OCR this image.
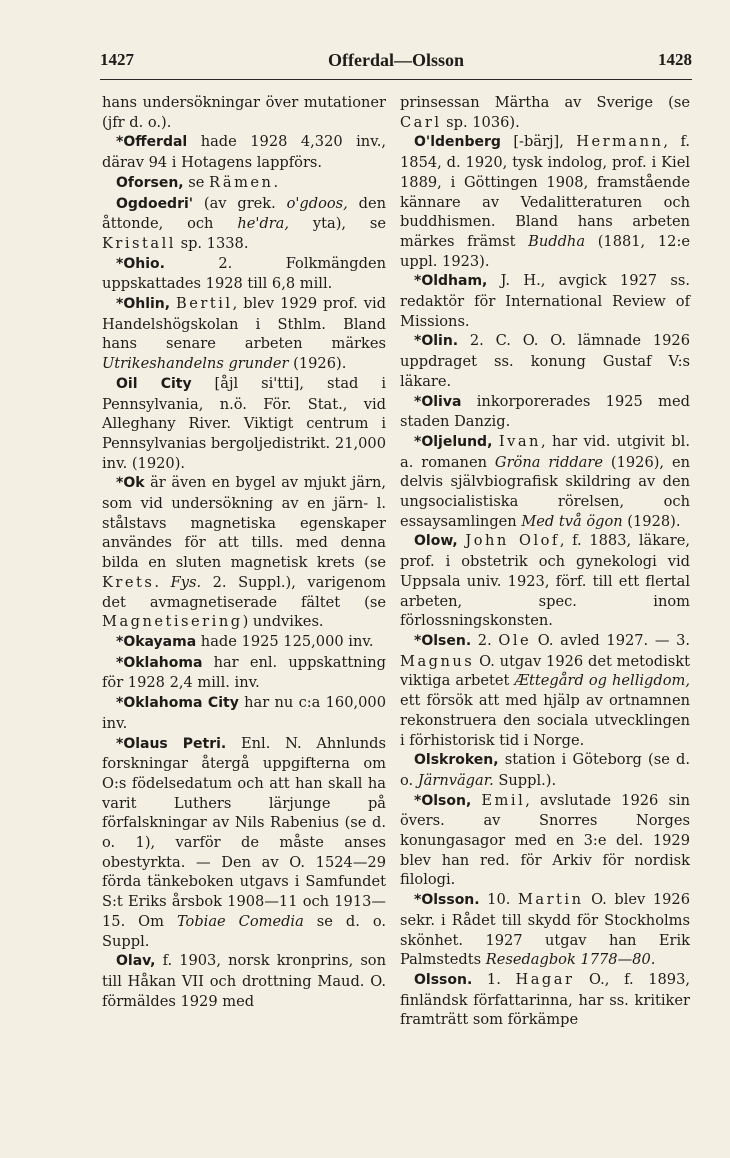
1427	Offerdal—Olsson	1428

hans undersökningar över mutationer (jfr d. o.).

*Offerdal hade 1928 4,320 inv., därav 94 i Hotagens lappförs.

Oforsen, se Rämen.

Ogdoedri' (av grek. o'gdoos, den åttonde, och he'dra, yta), se Kristall sp. 1338.

*Ohio. 2. Folkmängden uppskattades 1928 till 6,8 mill.

*Ohlin, Bertil, blev 1929 prof. vid Handelshögskolan i Sthlm. Bland hans senare arbeten märkes Utrikeshandelns grunder (1926).

Oil City [åjl si'tti], stad i Pennsylvania, n.ö. För. Stat., vid Alleghany River. Viktigt centrum i Pennsylvanias bergoljedistrikt. 21,000 inv. (1920).

*Ok är även en bygel av mjukt järn, som vid undersökning av en järn- l. stålstavs magnetiska egenskaper användes för att tills. med denna bilda en sluten magnetisk krets (se Krets. Fys. 2. Suppl.), varigenom det avmagnetiserade fältet (se Magnetisering) undvikes.

*Okayama hade 1925 125,000 inv.

*Oklahoma har enl. uppskattning för 1928 2,4 mill. inv.

*Oklahoma City har nu c:a 160,000 inv.

*Olaus Petri. Enl. N. Ahnlunds forskningar återgå uppgifterna om O:s födelsedatum och att han skall ha varit Luthers lärjunge på förfalskningar av Nils Rabenius (se d. o. 1), varför de måste anses obestyrkta. — Den av O. 1524—29 förda tänkeboken utgavs i Samfundet S:t Eriks årsbok 1908—11 och 1913—15. Om Tobiae Comedia se d. o. Suppl.

Olav, f. 1903, norsk kronprins, son till Håkan VII och drottning Maud. O. förmäldes 1929 med

prinsessan Märtha av Sverige (se Carl sp. 1036).

O'ldenberg [-bärj], Hermann, f. 1854, d. 1920, tysk indolog, prof. i Kiel 1889, i Göttingen 1908, framstående kännare av Vedalitteraturen och buddhismen. Bland hans arbeten märkes främst Buddha (1881, 12:e uppl. 1923).

*Oldham, J. H., avgick 1927 ss. redaktör för International Review of Missions.

*Olin. 2. C. O. O. lämnade 1926 uppdraget ss. konung Gustaf V:s läkare.

*Oliva inkorporerades 1925 med staden Danzig.

*Oljelund, Ivan, har vid. utgivit bl. a. romanen Gröna riddare (1926), en delvis självbiografisk skildring av den ungsocialistiska rörelsen, och essaysamlingen Med två ögon (1928).

Olow, John Olof, f. 1883, läkare, prof. i obstetrik och gynekologi vid Uppsala univ. 1923, förf. till ett flertal arbeten, spec. inom förlossningskonsten.

*Olsen. 2. Ole O. avled 1927. — 3. Magnus O. utgav 1926 det metodiskt viktiga arbetet Ættegård og helligdom, ett försök att med hjälp av ortnamnen rekonstruera den sociala utvecklingen i förhistorisk tid i Norge.

Olskroken, station i Göteborg (se d. o. Järnvägar. Suppl.).

*Olson, Emil, avslutade 1926 sin övers. av Snorres Norges konungasagor med en 3:e del. 1929 blev han red. för Arkiv för nordisk filologi.

*Olsson. 10. Martin O. blev 1926 sekr. i Rådet till skydd för Stockholms skönhet. 1927 utgav han Erik Palmstedts Resedagbok 1778—80.

Olsson. 1. Hagar O., f. 1893, finländsk författarinna, har ss. kritiker framträtt som förkämpe
